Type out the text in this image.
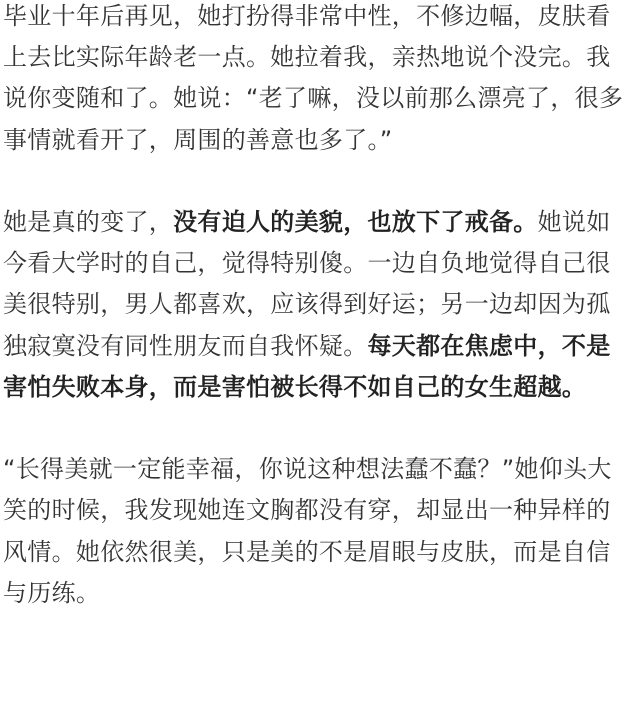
毕业十年后再见，她打扮得非常中性，不修边幅，皮肤看上去比实际年龄老一点。她拉着我，亲热地说个没完。我说你变随和了。她说：“老了嘛，没以前那么漂亮了，很多事情就看开了，周围的善意也多了。”

她是真的变了，没有迫人的美貌，也放下了戒备。她说如今看大学时的自己，觉得特别傻。一边自负地觉得自己很美很特别，男人都喜欢，应该得到好运；另一边却因为孤独寂寞没有同性朋友而自我怀疑。每天都在焦虑中，不是害怕失败本身，而是害怕被长得不如自己的女生超越。

“长得美就一定能幸福，你说这种想法蠢不蠢？”她仰头大笑的时候，我发现她连文胸都没有穿，却显出一种异样的风情。她依然很美，只是美的不是眉眼与皮肤，而是自信与历练。
